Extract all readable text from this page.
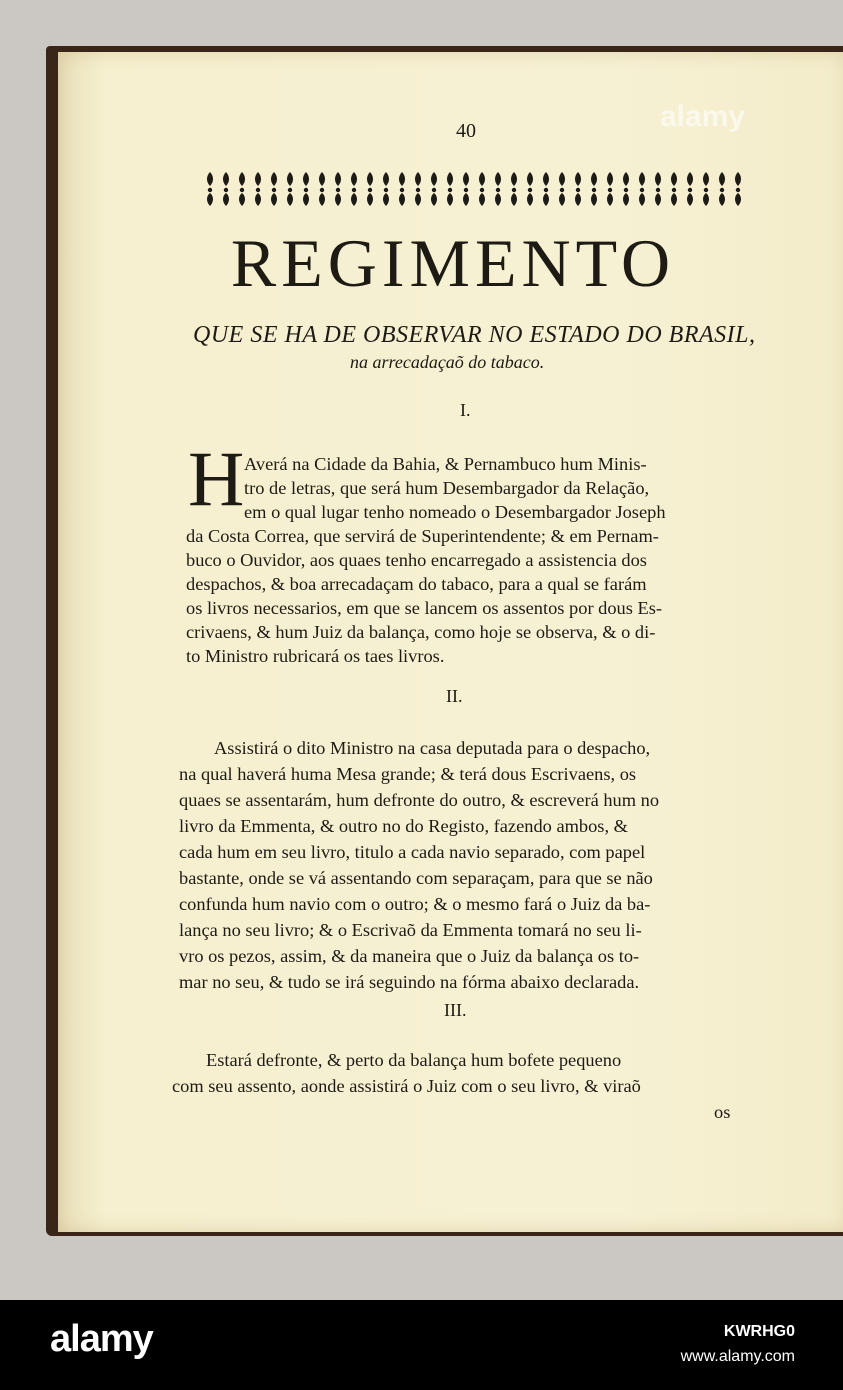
40
REGIMENTO
QUE SE HA DE OBSERVAR NO ESTADO DO BRASIL,
na arrecadaçaõ do tabaco.
I.
H Averá na Cidade da Bahia, & Pernambuco hum Minis-
tro de letras, que será hum Desembargador da Relação,
em o qual lugar tenho nomeado o Desembargador Joseph
da Costa Correa, que servirá de Superintendente; & em Pernam-
buco o Ouvidor, aos quaes tenho encarregado a assistencia dos
despachos, & boa arrecadaçam do tabaco, para a qual se farám
os livros necessarios, em que se lancem os assentos por dous Es-
crivaens, & hum Juiz da balança, como hoje se observa, & o di-
to Ministro rubricará os taes livros.
II.
Assistirá o dito Ministro na casa deputada para o despacho,
na qual haverá huma Mesa grande; & terá dous Escrivaens, os
quaes se assentarám, hum defronte do outro, & escreverá hum no
livro da Emmenta, & outro no do Registo, fazendo ambos, &
cada hum em seu livro, titulo a cada navio separado, com papel
bastante, onde se vá assentando com separaçam, para que se não
confunda hum navio com o outro; & o mesmo fará o Juiz da ba-
lança no seu livro; & o Escrivaõ da Emmenta tomará no seu li-
vro os pezos, assim, & da maneira que o Juiz da balança os to-
mar no seu, & tudo se irá seguindo na fórma abaixo declarada.
III.
Estará defronte, & perto da balança hum bofete pequeno
com seu assento, aonde assistirá o Juiz com o seu livro, & viraõ
os
alamy
alamy	KWRHG0
www.alamy.com
